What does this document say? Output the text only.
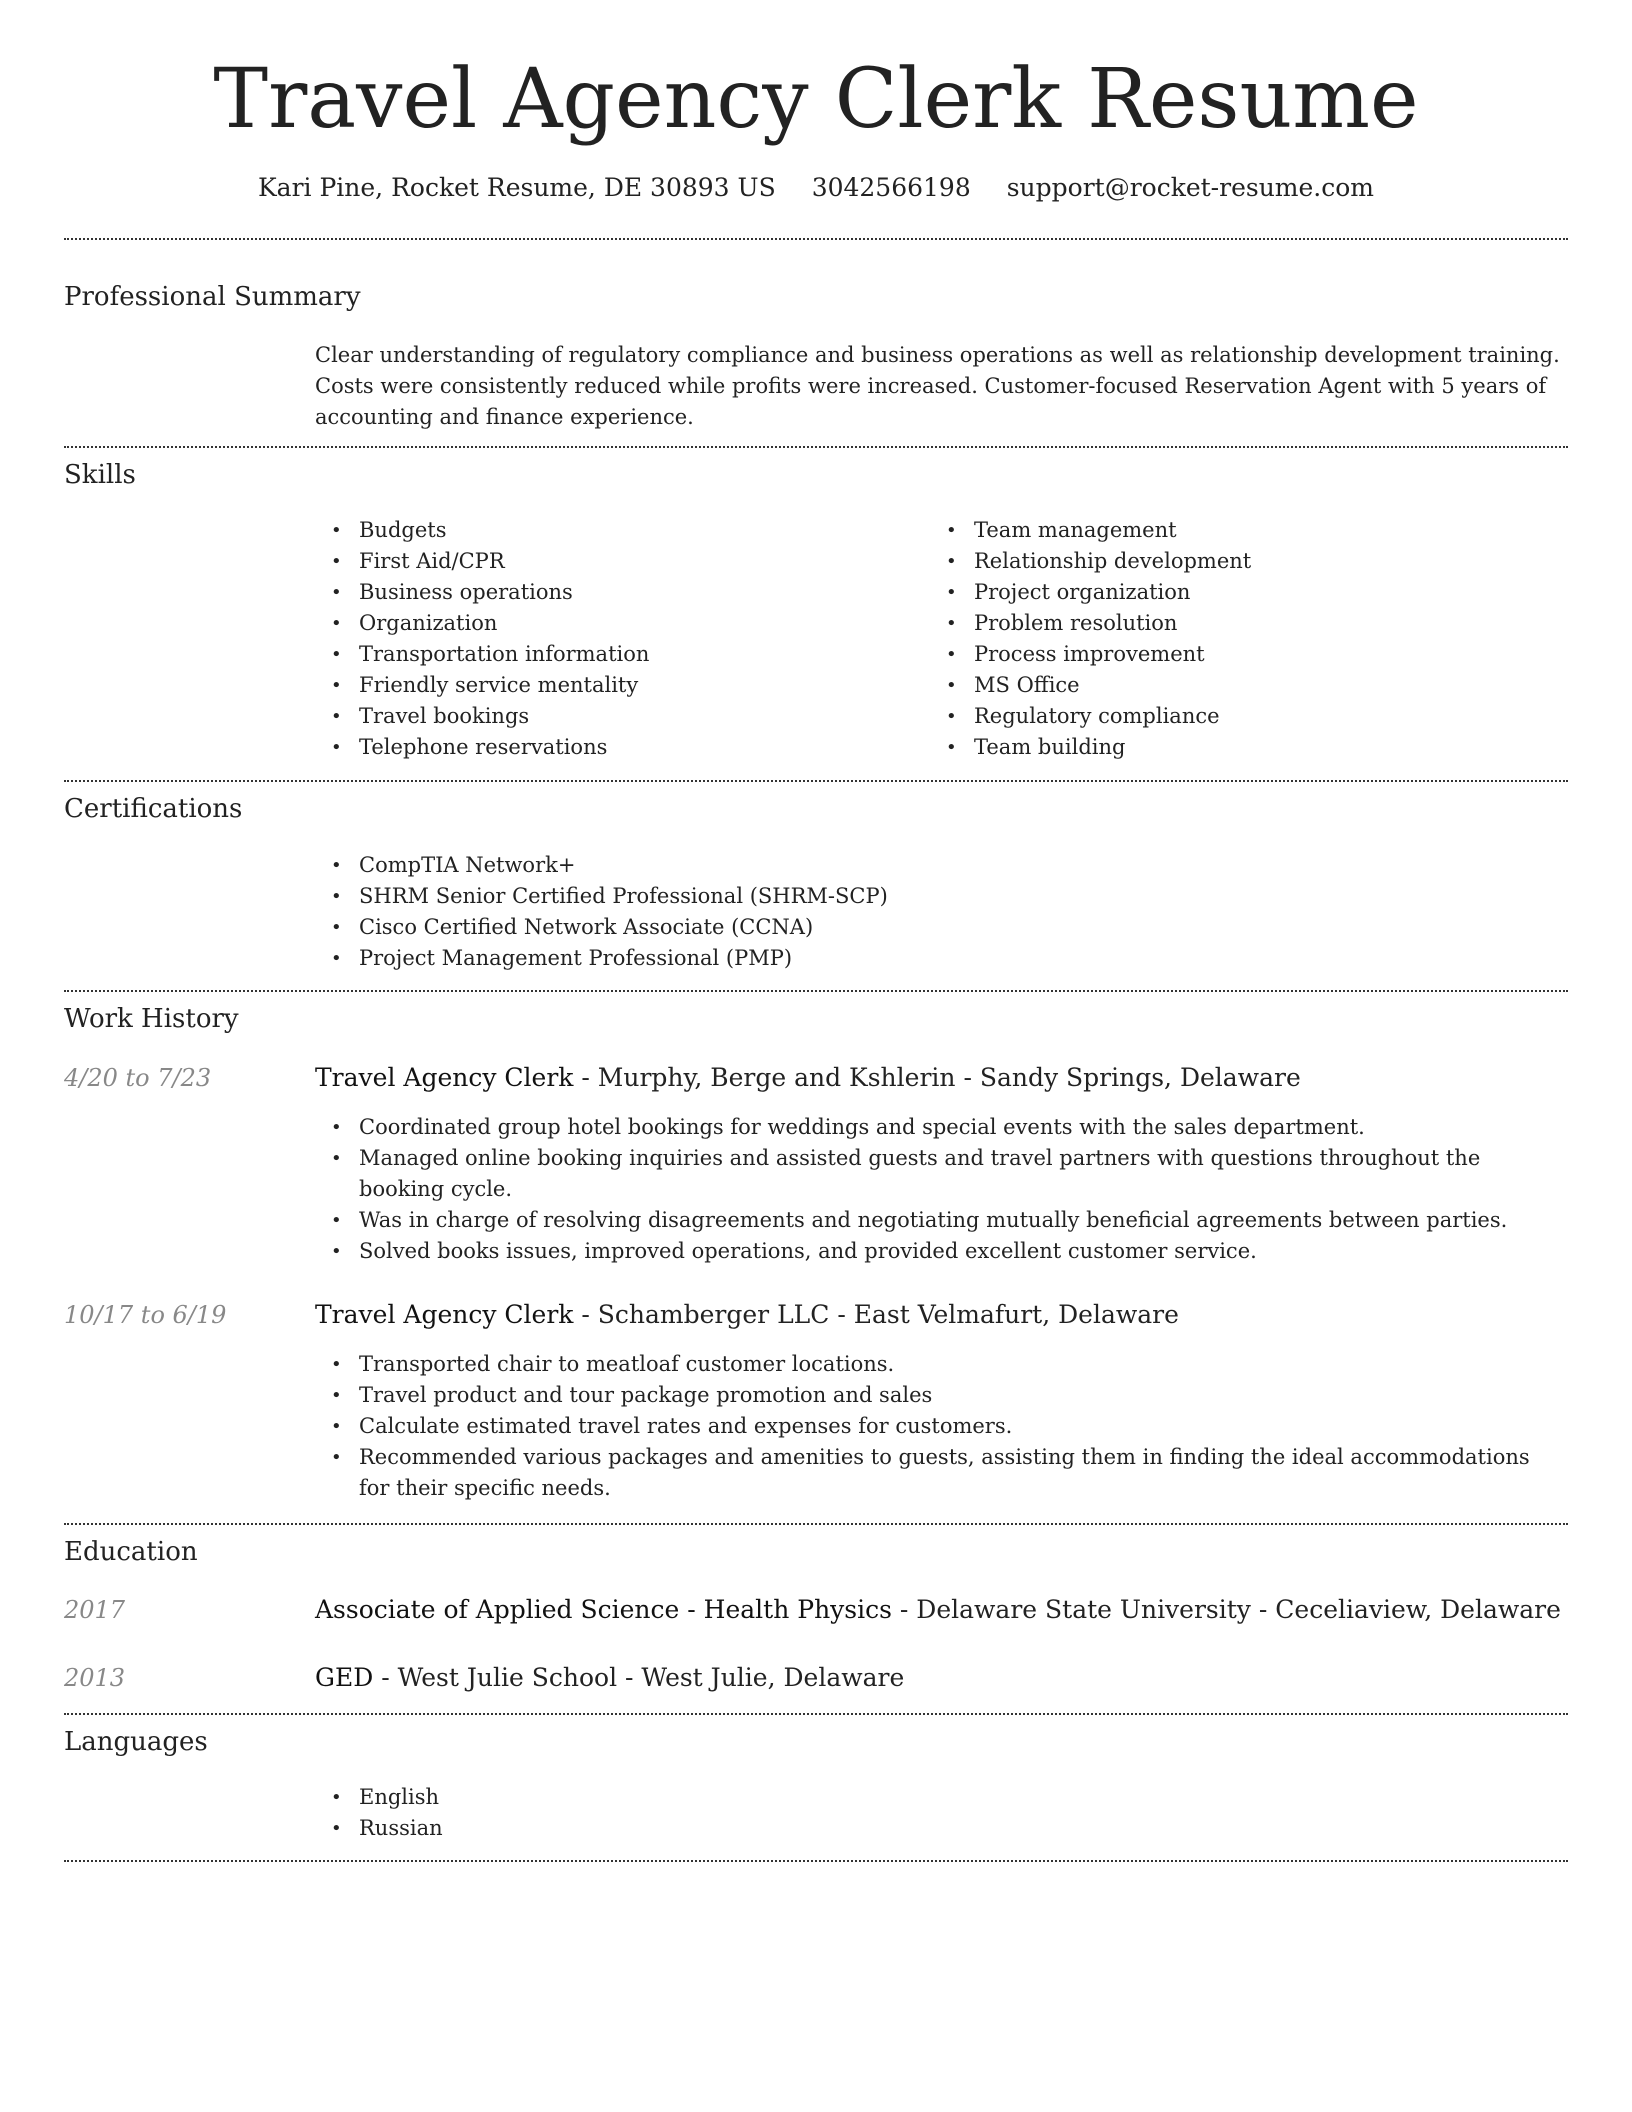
Travel Agency Clerk Resume
Kari Pine, Rocket Resume, DE 30893 US 3042566198 support@rocket-resume.com
Professional Summary

Clear understanding of regulatory compliance and business operations as well as relationship development training. Costs were consistently reduced while profits were increased. Customer-focused Reservation Agent with 5 years of accounting and finance experience.

Skills
• Budgets
• First Aid/CPR
• Business operations
• Organization
• Transportation information
• Friendly service mentality
• Travel bookings
• Telephone reservations
• Team management
• Relationship development
• Project organization
• Problem resolution
• Process improvement
• MS Office
• Regulatory compliance
• Team building
Certifications
• CompTIA Network+
• SHRM Senior Certified Professional (SHRM-SCP)
• Cisco Certified Network Associate (CCNA)
• Project Management Professional (PMP)
Work History
4/20 to 7/23	Travel Agency Clerk - Murphy, Berge and Kshlerin - Sandy Springs, Delaware
• Coordinated group hotel bookings for weddings and special events with the sales department.
• Managed online booking inquiries and assisted guests and travel partners with questions throughout the booking cycle.
• Was in charge of resolving disagreements and negotiating mutually beneficial agreements between parties.
• Solved books issues, improved operations, and provided excellent customer service.
10/17 to 6/19	Travel Agency Clerk - Schamberger LLC - East Velmafurt, Delaware
• Transported chair to meatloaf customer locations.
• Travel product and tour package promotion and sales
• Calculate estimated travel rates and expenses for customers.
• Recommended various packages and amenities to guests, assisting them in finding the ideal accommodations for their specific needs.
Education
2017	Associate of Applied Science - Health Physics - Delaware State University - Ceceliaview, Delaware
2013	GED - West Julie School - West Julie, Delaware
Languages
• English
• Russian
